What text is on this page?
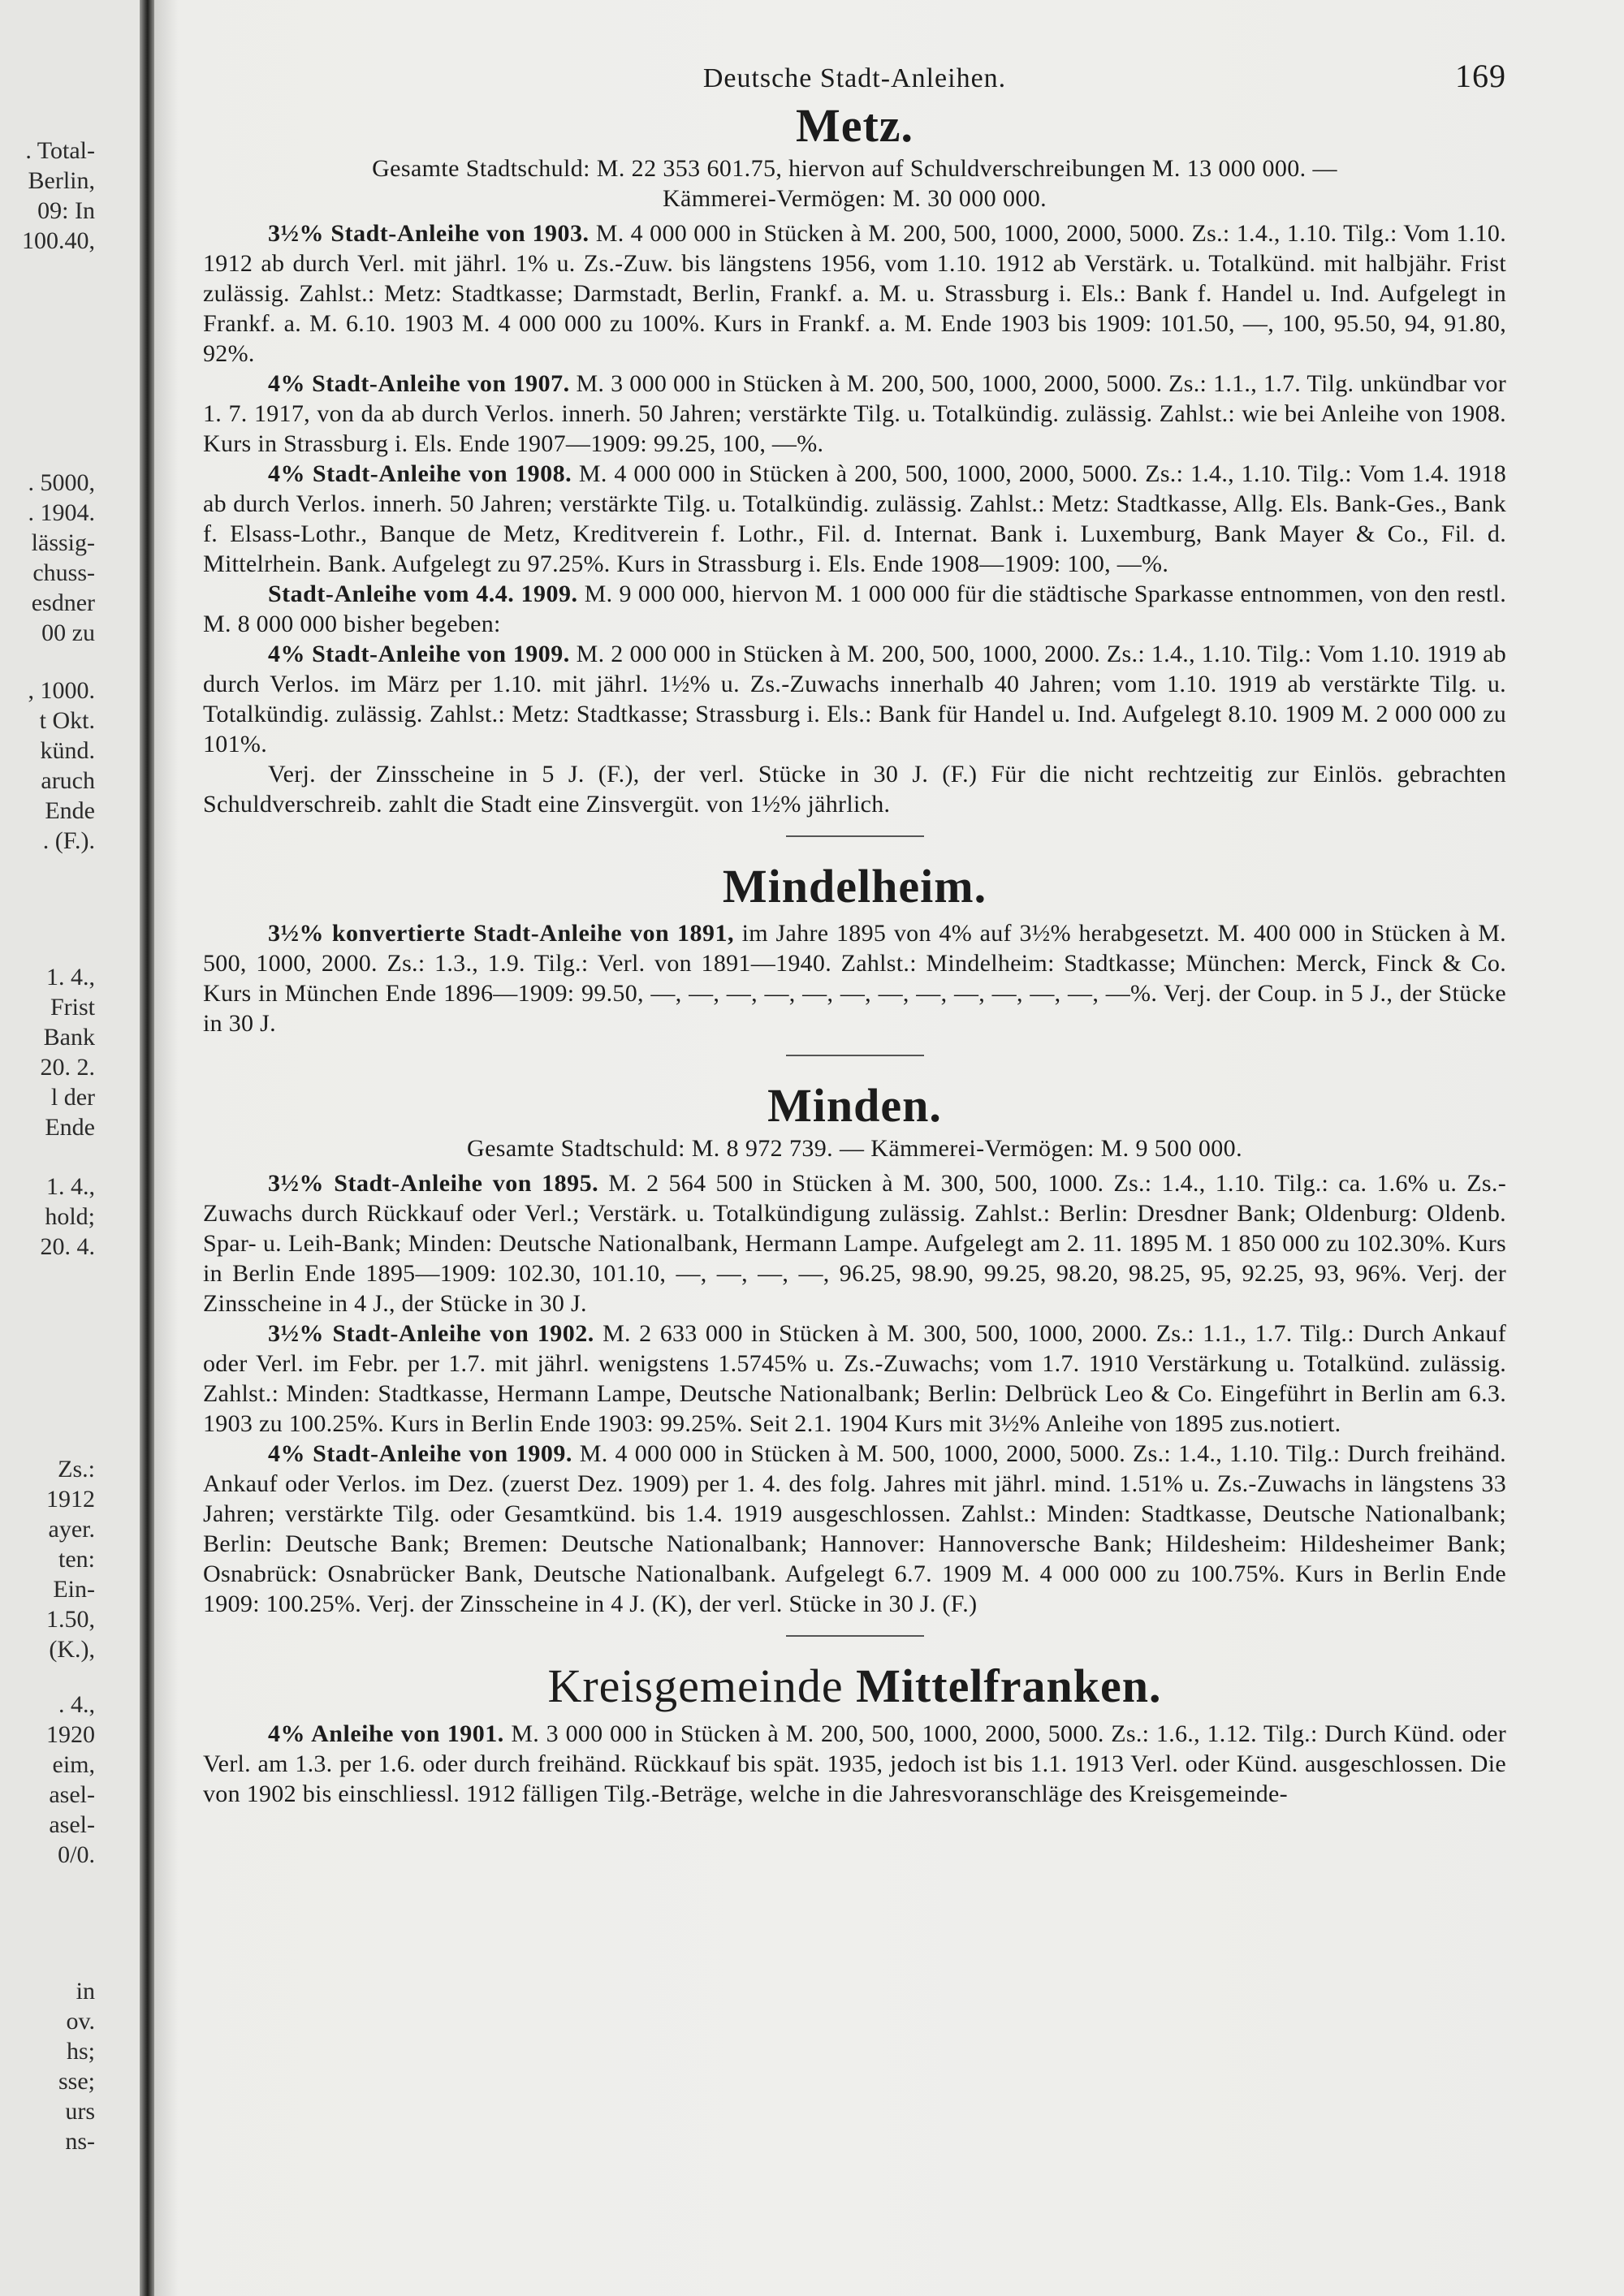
. Total-
Berlin,
09: In
100.40,
. 5000,
. 1904.
lässig-
chuss-
esdner
00 zu
, 1000.
t Okt.
künd.
aruch
Ende
. (F.).
1. 4.,
Frist
Bank
20. 2.
l der
Ende
1. 4.,
hold;
20. 4.
Zs.:
1912
ayer.
ten:
Ein-
1.50,
(K.),
. 4.,
1920
eim,
asel-
asel-
0/0.
in
ov.
hs;
sse;
urs
ns-
Deutsche Stadt-Anleihen.	169
Metz.
Gesamte Stadtschuld: M. 22 353 601.75, hiervon auf Schuldverschreibungen M. 13 000 000. —
Kämmerei-Vermögen: M. 30 000 000.

3½% Stadt-Anleihe von 1903. M. 4 000 000 in Stücken à M. 200, 500, 1000, 2000, 5000. Zs.: 1.4., 1.10. Tilg.: Vom 1.10. 1912 ab durch Verl. mit jährl. 1% u. Zs.-Zuw. bis längstens 1956, vom 1.10. 1912 ab Verstärk. u. Totalkünd. mit halbjähr. Frist zulässig. Zahlst.: Metz: Stadtkasse; Darmstadt, Berlin, Frankf. a. M. u. Strassburg i. Els.: Bank f. Handel u. Ind. Aufgelegt in Frankf. a. M. 6.10. 1903 M. 4 000 000 zu 100%. Kurs in Frankf. a. M. Ende 1903 bis 1909: 101.50, —, 100, 95.50, 94, 91.80, 92%.

4% Stadt-Anleihe von 1907. M. 3 000 000 in Stücken à M. 200, 500, 1000, 2000, 5000. Zs.: 1.1., 1.7. Tilg. unkündbar vor 1. 7. 1917, von da ab durch Verlos. innerh. 50 Jahren; verstärkte Tilg. u. Totalkündig. zulässig. Zahlst.: wie bei Anleihe von 1908. Kurs in Strassburg i. Els. Ende 1907—1909: 99.25, 100, —%.

4% Stadt-Anleihe von 1908. M. 4 000 000 in Stücken à 200, 500, 1000, 2000, 5000. Zs.: 1.4., 1.10. Tilg.: Vom 1.4. 1918 ab durch Verlos. innerh. 50 Jahren; verstärkte Tilg. u. Totalkündig. zulässig. Zahlst.: Metz: Stadtkasse, Allg. Els. Bank-Ges., Bank f. Elsass-Lothr., Banque de Metz, Kreditverein f. Lothr., Fil. d. Internat. Bank i. Luxemburg, Bank Mayer & Co., Fil. d. Mittelrhein. Bank. Aufgelegt zu 97.25%. Kurs in Strassburg i. Els. Ende 1908—1909: 100, —%.

Stadt-Anleihe vom 4.4. 1909. M. 9 000 000, hiervon M. 1 000 000 für die städtische Sparkasse entnommen, von den restl. M. 8 000 000 bisher begeben:

4% Stadt-Anleihe von 1909. M. 2 000 000 in Stücken à M. 200, 500, 1000, 2000. Zs.: 1.4., 1.10. Tilg.: Vom 1.10. 1919 ab durch Verlos. im März per 1.10. mit jährl. 1½% u. Zs.-Zuwachs innerhalb 40 Jahren; vom 1.10. 1919 ab verstärkte Tilg. u. Totalkündig. zulässig. Zahlst.: Metz: Stadtkasse; Strassburg i. Els.: Bank für Handel u. Ind. Aufgelegt 8.10. 1909 M. 2 000 000 zu 101%.

Verj. der Zinsscheine in 5 J. (F.), der verl. Stücke in 30 J. (F.) Für die nicht rechtzeitig zur Einlös. gebrachten Schuldverschreib. zahlt die Stadt eine Zinsvergüt. von 1½% jährlich.

Mindelheim.

3½% konvertierte Stadt-Anleihe von 1891, im Jahre 1895 von 4% auf 3½% herabgesetzt. M. 400 000 in Stücken à M. 500, 1000, 2000. Zs.: 1.3., 1.9. Tilg.: Verl. von 1891—1940. Zahlst.: Mindelheim: Stadtkasse; München: Merck, Finck & Co. Kurs in München Ende 1896—1909: 99.50, —, —, —, —, —, —, —, —, —, —, —, —, —%. Verj. der Coup. in 5 J., der Stücke in 30 J.

Minden.
Gesamte Stadtschuld: M. 8 972 739. — Kämmerei-Vermögen: M. 9 500 000.

3½% Stadt-Anleihe von 1895. M. 2 564 500 in Stücken à M. 300, 500, 1000. Zs.: 1.4., 1.10. Tilg.: ca. 1.6% u. Zs.-Zuwachs durch Rückkauf oder Verl.; Verstärk. u. Totalkündigung zulässig. Zahlst.: Berlin: Dresdner Bank; Oldenburg: Oldenb. Spar- u. Leih-Bank; Minden: Deutsche Nationalbank, Hermann Lampe. Aufgelegt am 2. 11. 1895 M. 1 850 000 zu 102.30%. Kurs in Berlin Ende 1895—1909: 102.30, 101.10, —, —, —, —, 96.25, 98.90, 99.25, 98.20, 98.25, 95, 92.25, 93, 96%. Verj. der Zinsscheine in 4 J., der Stücke in 30 J.

3½% Stadt-Anleihe von 1902. M. 2 633 000 in Stücken à M. 300, 500, 1000, 2000. Zs.: 1.1., 1.7. Tilg.: Durch Ankauf oder Verl. im Febr. per 1.7. mit jährl. wenigstens 1.5745% u. Zs.-Zuwachs; vom 1.7. 1910 Verstärkung u. Totalkünd. zulässig. Zahlst.: Minden: Stadtkasse, Hermann Lampe, Deutsche Nationalbank; Berlin: Delbrück Leo & Co. Eingeführt in Berlin am 6.3. 1903 zu 100.25%. Kurs in Berlin Ende 1903: 99.25%. Seit 2.1. 1904 Kurs mit 3½% Anleihe von 1895 zus.notiert.

4% Stadt-Anleihe von 1909. M. 4 000 000 in Stücken à M. 500, 1000, 2000, 5000. Zs.: 1.4., 1.10. Tilg.: Durch freihänd. Ankauf oder Verlos. im Dez. (zuerst Dez. 1909) per 1. 4. des folg. Jahres mit jährl. mind. 1.51% u. Zs.-Zuwachs in längstens 33 Jahren; verstärkte Tilg. oder Gesamtkünd. bis 1.4. 1919 ausgeschlossen. Zahlst.: Minden: Stadtkasse, Deutsche Nationalbank; Berlin: Deutsche Bank; Bremen: Deutsche Nationalbank; Hannover: Hannoversche Bank; Hildesheim: Hildesheimer Bank; Osnabrück: Osnabrücker Bank, Deutsche Nationalbank. Aufgelegt 6.7. 1909 M. 4 000 000 zu 100.75%. Kurs in Berlin Ende 1909: 100.25%. Verj. der Zinsscheine in 4 J. (K), der verl. Stücke in 30 J. (F.)

Kreisgemeinde Mittelfranken.

4% Anleihe von 1901. M. 3 000 000 in Stücken à M. 200, 500, 1000, 2000, 5000. Zs.: 1.6., 1.12. Tilg.: Durch Künd. oder Verl. am 1.3. per 1.6. oder durch freihänd. Rückkauf bis spät. 1935, jedoch ist bis 1.1. 1913 Verl. oder Künd. ausgeschlossen. Die von 1902 bis einschliessl. 1912 fälligen Tilg.-Beträge, welche in die Jahresvoranschläge des Kreisgemeinde-
